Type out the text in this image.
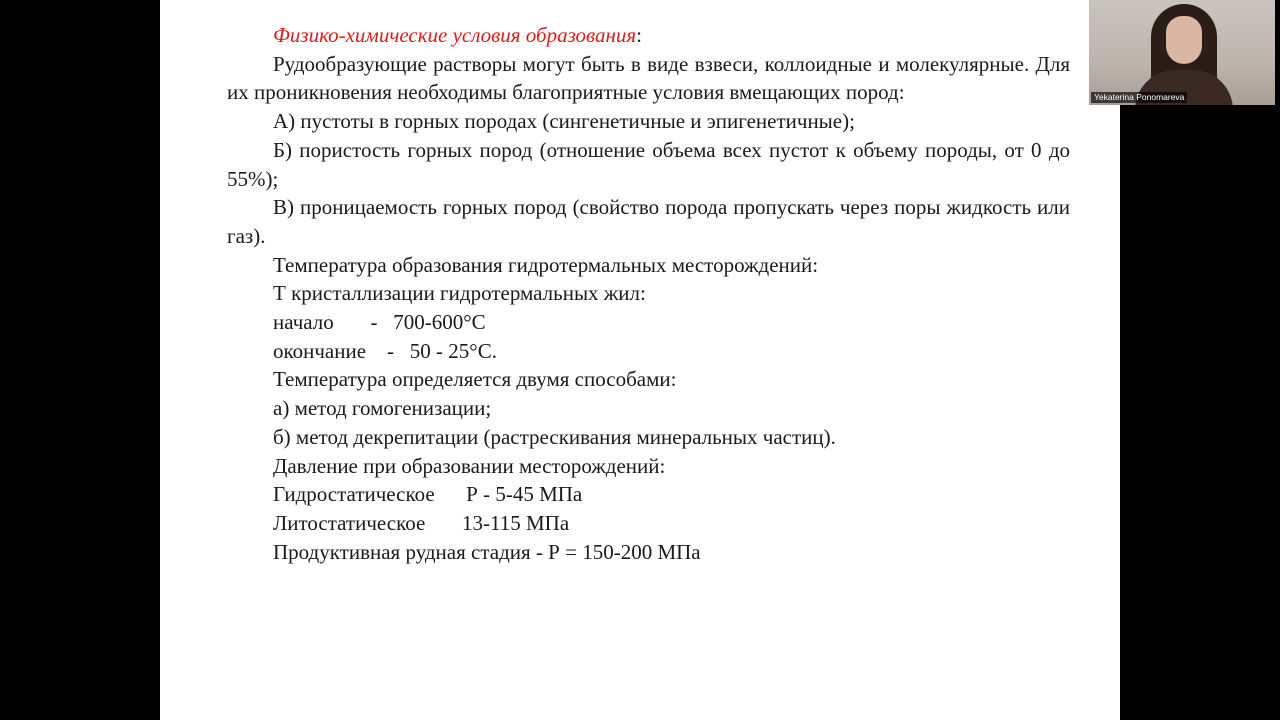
Физико-химические условия образования:

Рудообразующие растворы могут быть в виде взвеси, коллоидные и молекулярные. Для их проникновения необходимы благоприятные условия вмещающих пород:

А) пустоты в горных породах (сингенетичные и эпигенетичные);

Б) пористость горных пород (отношение объема всех пустот к объему породы, от 0 до 55%);

В) проницаемость горных пород (свойство порода пропускать через поры жидкость или газ).

Температура образования гидротермальных месторождений:

Т кристаллизации гидротермальных жил:

начало       -   700-600°С

окончание    -   50 - 25°С.

Температура определяется двумя способами:

а) метод гомогенизации;

б) метод декрепитации (растрескивания минеральных частиц).

Давление при образовании месторождений:

Гидростатическое      Р - 5-45 МПа

Литостатическое       13-115 МПа

Продуктивная рудная стадия - Р = 150-200 МПа

Yekaterina Ponomareva
